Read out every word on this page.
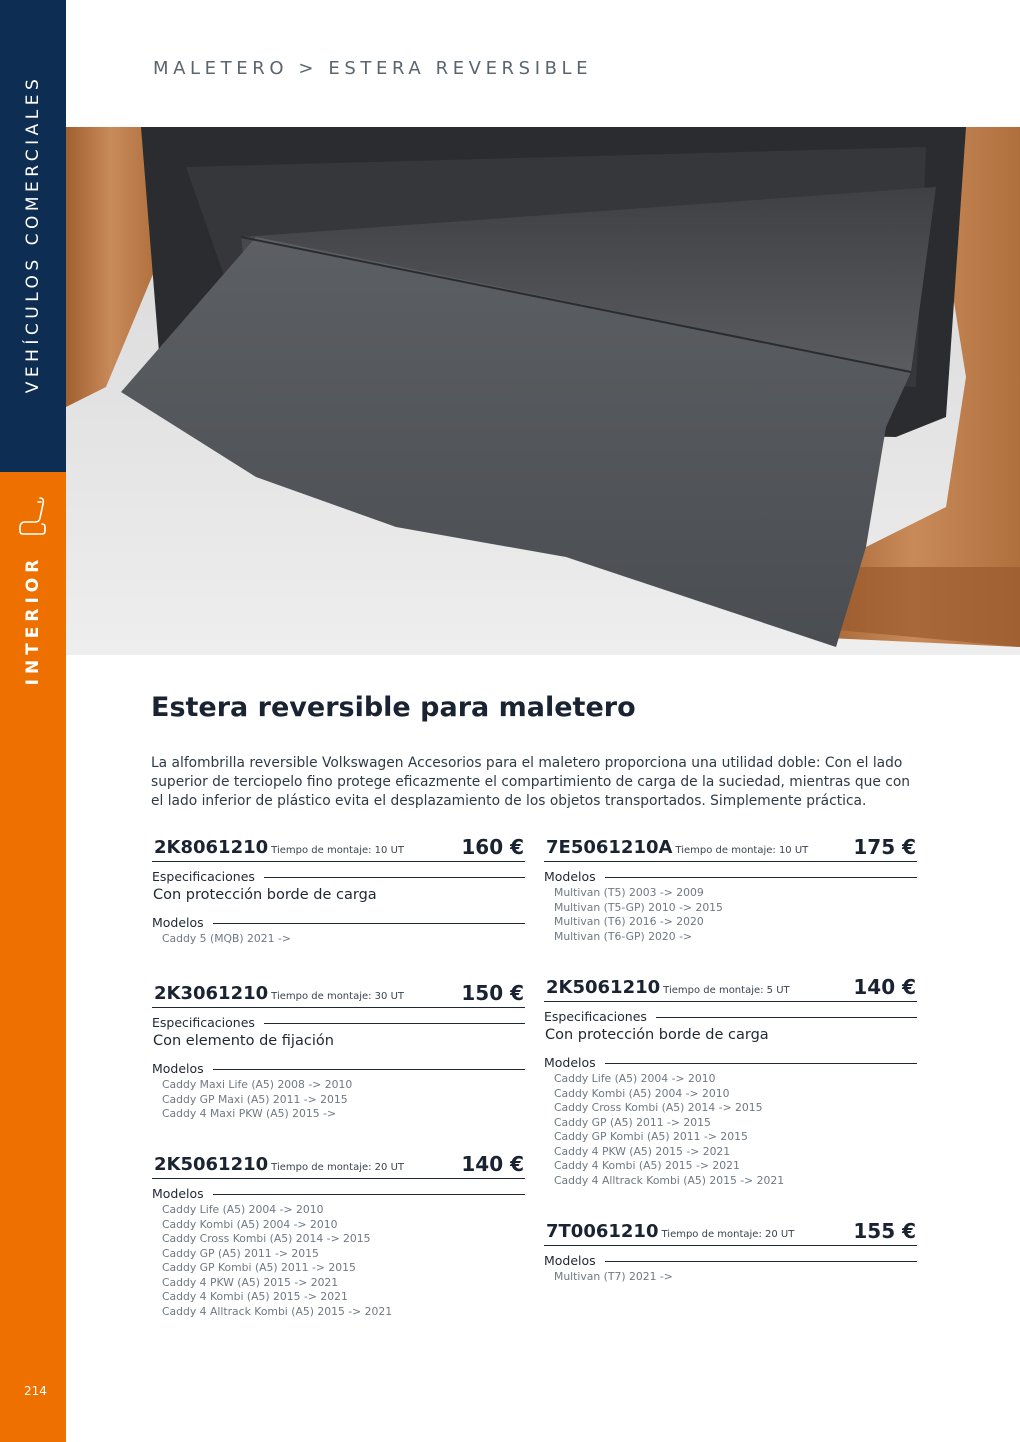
VEHÍCULOS COMERCIALES
INTERIOR
214
MALETERO > ESTERA REVERSIBLE
Estera reversible para maletero

La alfombrilla reversible Volkswagen Accesorios para el maletero proporciona una utilidad doble: Con el lado superior de terciopelo fino protege eficazmente el compartimiento de carga de la suciedad, mientras que con el lado inferior de plástico evita el desplazamiento de los objetos transportados. Simplemente práctica.

2K8061210 Tiempo de montaje: 10 UT	160 €
Especificaciones
Con protección borde de carga
Modelos
Caddy 5 (MQB) 2021 ->
2K3061210 Tiempo de montaje: 30 UT	150 €
Especificaciones
Con elemento de fijación
Modelos
Caddy Maxi Life (A5) 2008 -> 2010
Caddy GP Maxi (A5) 2011 -> 2015
Caddy 4 Maxi PKW (A5) 2015 ->
2K5061210 Tiempo de montaje: 20 UT	140 €
Modelos
Caddy Life (A5) 2004 -> 2010
Caddy Kombi (A5) 2004 -> 2010
Caddy Cross Kombi (A5) 2014 -> 2015
Caddy GP (A5) 2011 -> 2015
Caddy GP Kombi (A5) 2011 -> 2015
Caddy 4 PKW (A5) 2015 -> 2021
Caddy 4 Kombi (A5) 2015 -> 2021
Caddy 4 Alltrack Kombi (A5) 2015 -> 2021
7E5061210A Tiempo de montaje: 10 UT 175 €
Modelos
Multivan (T5) 2003 -> 2009
Multivan (T5-GP) 2010 -> 2015
Multivan (T6) 2016 -> 2020
Multivan (T6-GP) 2020 ->
2K5061210 Tiempo de montaje: 5 UT	140 €
Especificaciones
Con protección borde de carga
Modelos
Caddy Life (A5) 2004 -> 2010
Caddy Kombi (A5) 2004 -> 2010
Caddy Cross Kombi (A5) 2014 -> 2015
Caddy GP (A5) 2011 -> 2015
Caddy GP Kombi (A5) 2011 -> 2015
Caddy 4 PKW (A5) 2015 -> 2021
Caddy 4 Kombi (A5) 2015 -> 2021
Caddy 4 Alltrack Kombi (A5) 2015 -> 2021
7T0061210 Tiempo de montaje: 20 UT	155 €
Modelos
Multivan (T7) 2021 ->
